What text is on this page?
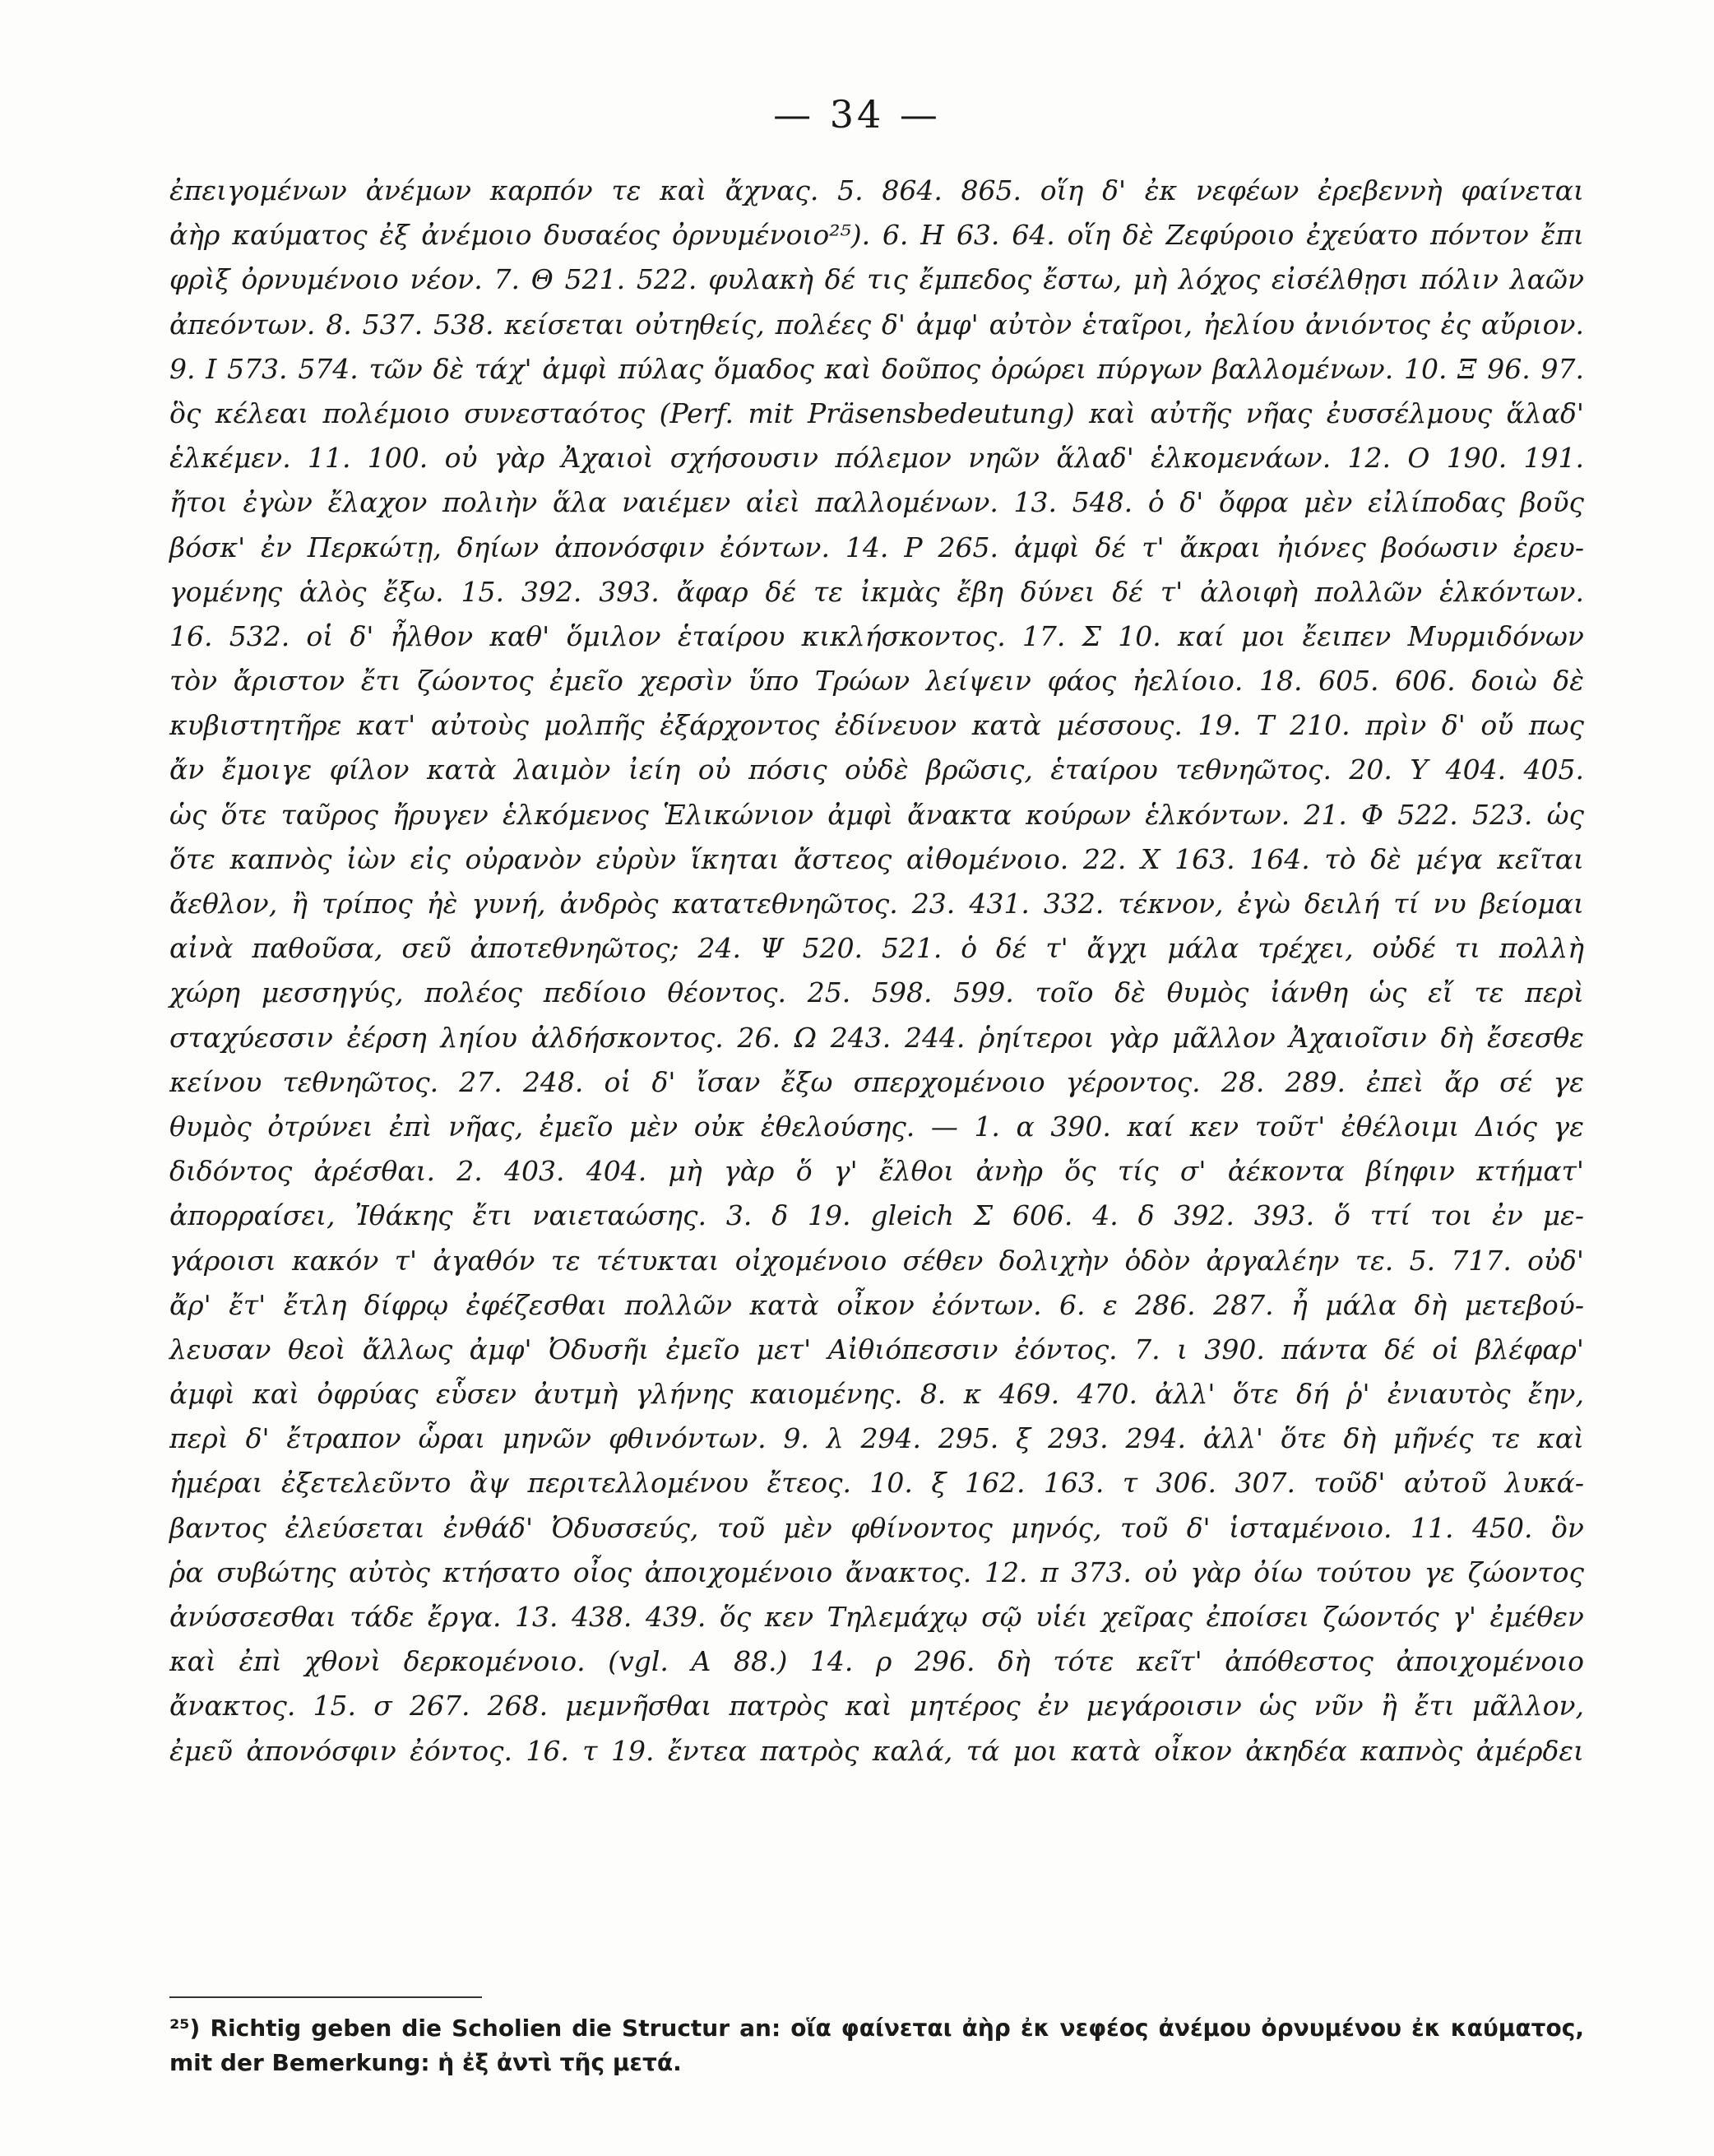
— 34 —
ἐπειγομένων ἀνέμων καρπόν τε καὶ ἄχνας. 5. 864. 865. οἵη δ' ἐκ νεφέων ἐρεβεννὴ φαίνεται
ἀὴρ καύματος ἐξ ἀνέμοιο δυσαέος ὀρνυμένοιο²⁵). 6. Η 63. 64. οἵη δὲ Ζεφύροιο ἐχεύατο πόντον ἔπι
φρὶξ ὀρνυμένοιο νέον. 7. Θ 521. 522. φυλακὴ δέ τις ἔμπεδος ἔστω, μὴ λόχος εἰσέλθῃσι πόλιν λαῶν
ἀπεόντων. 8. 537. 538. κείσεται οὐτηθείς, πολέες δ' ἀμφ' αὐτὸν ἑταῖροι, ἠελίου ἀνιόντος ἐς αὔριον.
9. Ι 573. 574. τῶν δὲ τάχ' ἀμφὶ πύλας ὅμαδος καὶ δοῦπος ὀρώρει πύργων βαλλομένων. 10. Ξ 96. 97.
ὃς κέλεαι πολέμοιο συνεσταότος (Perf. mit Präsensbedeutung) καὶ αὐτῆς νῆας ἐυσσέλμους ἅλαδ'
ἑλκέμεν. 11. 100. οὐ γὰρ Ἀχαιοὶ σχήσουσιν πόλεμον νηῶν ἅλαδ' ἑλκομενάων. 12. Ο 190. 191.
ἤτοι ἐγὼν ἔλαχον πολιὴν ἅλα ναιέμεν αἰεὶ παλλομένων. 13. 548. ὁ δ' ὄφρα μὲν εἰλίποδας βοῦς
βόσκ' ἐν Περκώτῃ, δηίων ἀπονόσφιν ἐόντων. 14. Ρ 265. ἀμφὶ δέ τ' ἄκραι ἠιόνες βοόωσιν ἐρευ-
γομένης ἁλὸς ἔξω. 15. 392. 393. ἄφαρ δέ τε ἰκμὰς ἔβη δύνει δέ τ' ἀλοιφὴ πολλῶν ἑλκόντων.
16. 532. οἱ δ' ἦλθον καθ' ὅμιλον ἑταίρου κικλήσκοντος. 17. Σ 10. καί μοι ἔειπεν Μυρμιδόνων
τὸν ἄριστον ἔτι ζώοντος ἐμεῖο χερσὶν ὕπο Τρώων λείψειν φάος ἠελίοιο. 18. 605. 606. δοιὼ δὲ
κυβιστητῆρε κατ' αὐτοὺς μολπῆς ἐξάρχοντος ἐδίνευον κατὰ μέσσους. 19. Τ 210. πρὶν δ' οὔ πως
ἄν ἔμοιγε φίλον κατὰ λαιμὸν ἰείη οὐ πόσις οὐδὲ βρῶσις, ἑταίρου τεθνηῶτος. 20. Υ 404. 405.
ὡς ὅτε ταῦρος ἤρυγεν ἑλκόμενος Ἑλικώνιον ἀμφὶ ἄνακτα κούρων ἑλκόντων. 21. Φ 522. 523. ὡς
ὅτε καπνὸς ἰὼν εἰς οὐρανὸν εὐρὺν ἵκηται ἄστεος αἰθομένοιο. 22. Χ 163. 164. τὸ δὲ μέγα κεῖται
ἄεθλον, ἢ τρίπος ἠὲ γυνή, ἀνδρὸς κατατεθνηῶτος. 23. 431. 332. τέκνον, ἐγὼ δειλή τί νυ βείομαι
αἰνὰ παθοῦσα, σεῦ ἀποτεθνηῶτος; 24. Ψ 520. 521. ὁ δέ τ' ἄγχι μάλα τρέχει, οὐδέ τι πολλὴ
χώρη μεσσηγύς, πολέος πεδίοιο θέοντος. 25. 598. 599. τοῖο δὲ θυμὸς ἰάνθη ὡς εἴ τε περὶ
σταχύεσσιν ἐέρση ληίου ἀλδήσκοντος. 26. Ω 243. 244. ῥηίτεροι γὰρ μᾶλλον Ἀχαιοῖσιν δὴ ἔσεσθε
κείνου τεθνηῶτος. 27. 248. οἱ δ' ἴσαν ἔξω σπερχομένοιο γέροντος. 28. 289. ἐπεὶ ἄρ σέ γε
θυμὸς ὀτρύνει ἐπὶ νῆας, ἐμεῖο μὲν οὐκ ἐθελούσης. — 1. α 390. καί κεν τοῦτ' ἐθέλοιμι Διός γε
διδόντος ἀρέσθαι. 2. 403. 404. μὴ γὰρ ὅ γ' ἔλθοι ἀνὴρ ὅς τίς σ' ἀέκοντα βίηφιν κτήματ'
ἀπορραίσει, Ἰθάκης ἔτι ναιεταώσης. 3. δ 19. gleich Σ 606. 4. δ 392. 393. ὅ ττί τοι ἐν με-
γάροισι κακόν τ' ἀγαθόν τε τέτυκται οἰχομένοιο σέθεν δολιχὴν ὁδὸν ἀργαλέην τε. 5. 717. οὐδ'
ἄρ' ἔτ' ἔτλη δίφρῳ ἐφέζεσθαι πολλῶν κατὰ οἶκον ἐόντων. 6. ε 286. 287. ἦ μάλα δὴ μετεβού-
λευσαν θεοὶ ἄλλως ἀμφ' Ὀδυσῆι ἐμεῖο μετ' Αἰθιόπεσσιν ἐόντος. 7. ι 390. πάντα δέ οἱ βλέφαρ'
ἀμφὶ καὶ ὀφρύας εὗσεν ἀυτμὴ γλήνης καιομένης. 8. κ 469. 470. ἀλλ' ὅτε δή ῥ' ἐνιαυτὸς ἔην,
περὶ δ' ἔτραπον ὧραι μηνῶν φθινόντων. 9. λ 294. 295. ξ 293. 294. ἀλλ' ὅτε δὴ μῆνές τε καὶ
ἡμέραι ἐξετελεῦντο ἂψ περιτελλομένου ἔτεος. 10. ξ 162. 163. τ 306. 307. τοῦδ' αὐτοῦ λυκά-
βαντος ἐλεύσεται ἐνθάδ' Ὀδυσσεύς, τοῦ μὲν φθίνοντος μηνός, τοῦ δ' ἱσταμένοιο. 11. 450. ὃν
ῥα συβώτης αὐτὸς κτήσατο οἶος ἀποιχομένοιο ἄνακτος. 12. π 373. οὐ γὰρ ὀίω τούτου γε ζώοντος
ἀνύσσεσθαι τάδε ἔργα. 13. 438. 439. ὅς κεν Τηλεμάχῳ σῷ υἱέι χεῖρας ἐποίσει ζώοντός γ' ἐμέθεν
καὶ ἐπὶ χθονὶ δερκομένοιο. (vgl. Α 88.) 14. ρ 296. δὴ τότε κεῖτ' ἀπόθεστος ἀποιχομένοιο
ἄνακτος. 15. σ 267. 268. μεμνῆσθαι πατρὸς καὶ μητέρος ἐν μεγάροισιν ὡς νῦν ἢ ἔτι μᾶλλον,
ἐμεῦ ἀπονόσφιν ἐόντος. 16. τ 19. ἔντεα πατρὸς καλά, τά μοι κατὰ οἶκον ἀκηδέα καπνὸς ἀμέρδει
²⁵) Richtig geben die Scholien die Structur an: οἵα φαίνεται ἀὴρ ἐκ νεφέος ἀνέμου ὀρνυμένου ἐκ καύματος,
mit der Bemerkung: ἡ ἐξ ἀντὶ τῆς μετά.
